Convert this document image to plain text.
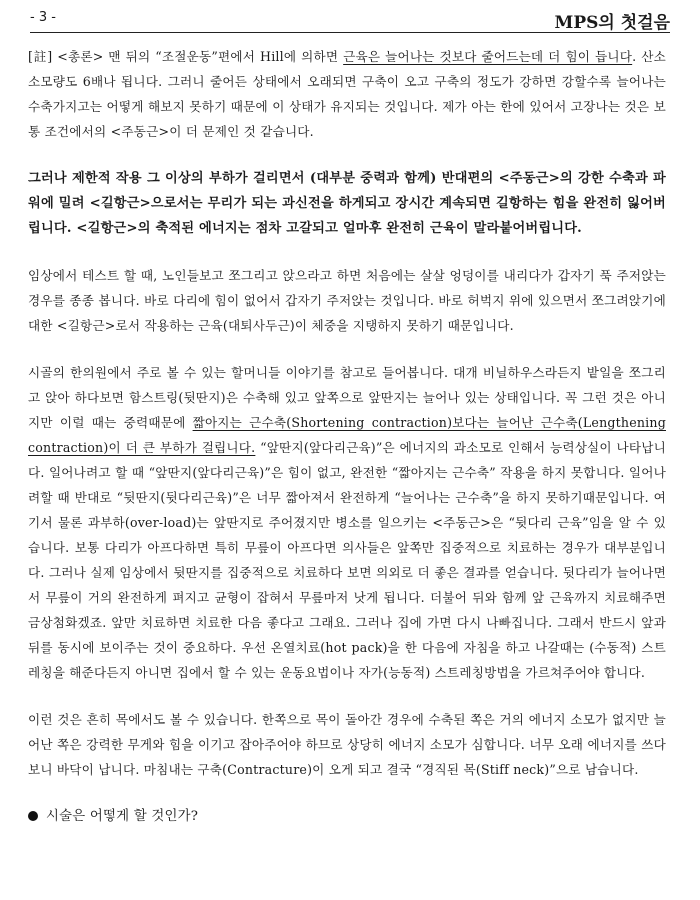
- 3 -	MPS의 첫걸음

[註] <총론> 맨 뒤의 “조절운동”편에서 Hill에 의하면 근육은 늘어나는 것보다 줄어드는데 더 힘이 듭니다. 산소소모량도 6배나 됩니다. 그러니 줄어든 상태에서 오래되면 구축이 오고 구축의 정도가 강하면 강할수록 늘어나는 수축가지고는 어떻게 해보지 못하기 때문에 이 상태가 유지되는 것입니다. 제가 아는 한에 있어서 고장나는 것은 보통 조건에서의 <주동근>이 더 문제인 것 같습니다.

그러나 제한적 작용 그 이상의 부하가 걸리면서 (대부분 중력과 함께) 반대편의 <주동근>의 강한 수축과 파워에 밀려 <길항근>으로서는 무리가 되는 과신전을 하게되고 장시간 계속되면 길항하는 힘을 완전히 잃어버립니다. <길항근>의 축적된 에너지는 점차 고갈되고 얼마후 완전히 근육이 말라붙어버립니다.

임상에서 테스트 할 때, 노인들보고 쪼그리고 앉으라고 하면 처음에는 살살 엉덩이를 내리다가 갑자기 푹 주저앉는 경우를 종종 봅니다. 바로 다리에 힘이 없어서 갑자기 주저앉는 것입니다. 바로 허벅지 위에 있으면서 쪼그려앉기에 대한 <길항근>로서 작용하는 근육(대퇴사두근)이 체중을 지탱하지 못하기 때문입니다.

시골의 한의원에서 주로 볼 수 있는 할머니들 이야기를 참고로 들어봅니다. 대개 비닐하우스라든지 밭일을 쪼그리고 앉아 하다보면 함스트링(뒷딴지)은 수축해 있고 앞쪽으로 앞딴지는 늘어나 있는 상태입니다. 꼭 그런 것은 아니지만 이럴 때는 중력때문에 짧아지는 근수축(Shortening contraction)보다는 늘어난 근수축(Lengthening contraction)이 더 큰 부하가 걸립니다. “앞딴지(앞다리근육)”은 에너지의 과소모로 인해서 능력상실이 나타납니다. 일어나려고 할 때 “앞딴지(앞다리근육)”은 힘이 없고, 완전한 “짧아지는 근수축” 작용을 하지 못합니다. 일어나려할 때 반대로 “뒷딴지(뒷다리근육)”은 너무 짧아져서 완전하게 “늘어나는 근수축”을 하지 못하기때문입니다. 여기서 물론 과부하(over-load)는 앞딴지로 주어졌지만 병소를 일으키는 <주동근>은 “뒷다리 근육”임을 알 수 있습니다. 보통 다리가 아프다하면 특히 무릎이 아프다면 의사들은 앞쪽만 집중적으로 치료하는 경우가 대부분입니다. 그러나 실제 임상에서 뒷딴지를 집중적으로 치료하다 보면 의외로 더 좋은 결과를 얻습니다. 뒷다리가 늘어나면서 무릎이 거의 완전하게 펴지고 균형이 잡혀서 무릎마저 낫게 됩니다. 더불어 뒤와 함께 앞 근육까지 치료해주면 금상첨화겠죠. 앞만 치료하면 치료한 다음 좋다고 그래요. 그러나 집에 가면 다시 나빠집니다. 그래서 반드시 앞과 뒤를 동시에 보이주는 것이 중요하다. 우선 온열치료(hot pack)을 한 다음에 자침을 하고 나갈때는 (수동적) 스트레칭을 해준다든지 아니면 집에서 할 수 있는 운동요법이나 자가(능동적) 스트레칭방법을 가르쳐주어야 합니다.

이런 것은 흔히 목에서도 볼 수 있습니다. 한쪽으로 목이 돌아간 경우에 수축된 쪽은 거의 에너지 소모가 없지만 늘어난 쪽은 강력한 무게와 힘을 이기고 잡아주어야 하므로 상당히 에너지 소모가 심합니다. 너무 오래 에너지를 쓰다보니 바닥이 납니다. 마침내는 구축(Contracture)이 오게 되고 결국 “경직된 목(Stiff neck)”으로 남습니다.

시술은 어떻게 할 것인가?
